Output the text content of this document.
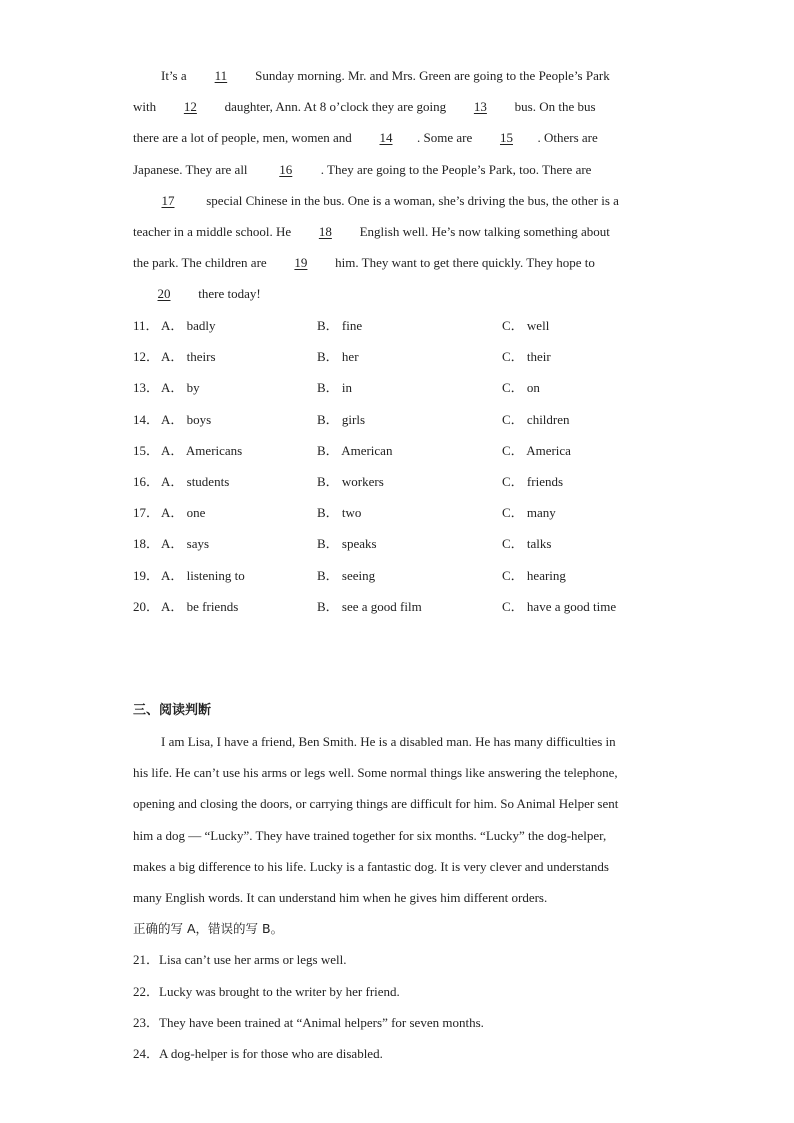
It’s a 11 Sunday morning. Mr. and Mrs. Green are going to the People’s Park
with 12 daughter, Ann. At 8 o’clock they are going 13 bus. On the bus
there are a lot of people, men, women and 14 . Some are 15 . Others are
Japanese. They are all 16 . They are going to the People’s Park, too. There are
17 special Chinese in the bus. One is a woman, she’s driving the bus, the other is a
teacher in a middle school. He 18 English well. He’s now talking something about
the park. The children are 19 him. They want to get there quickly. They hope to
20 there today!
11． A． badly	B． fine	C． well
12． A． theirs	B． her	C． their
13． A． by	B． in	C． on
14． A． boys	B． girls	C． children
15． A． Americans	B． American	C． America
16． A． students	B． workers	C． friends
17． A． one	B． two	C． many
18． A． says	B． speaks	C． talks
19． A． listening to	B． seeing	C． hearing
20． A． be friends	B． see a good film	C． have a good time
三、阅读判断
I am Lisa, I have a friend, Ben Smith. He is a disabled man. He has many difficulties in
his life. He can’t use his arms or legs well. Some normal things like answering the telephone,
opening and closing the doors, or carrying things are difficult for him. So Animal Helper sent
him a dog — “Lucky”. They have trained together for six months. “Lucky” the dog-helper,
makes a big difference to his life. Lucky is a fantastic dog. It is very clever and understands
many English words. It can understand him when he gives him different orders.
正确的写 A，错误的写 B。
21．Lisa can’t use her arms or legs well.
22．Lucky was brought to the writer by her friend.
23．They have been trained at “Animal helpers” for seven months.
24．A dog-helper is for those who are disabled.
